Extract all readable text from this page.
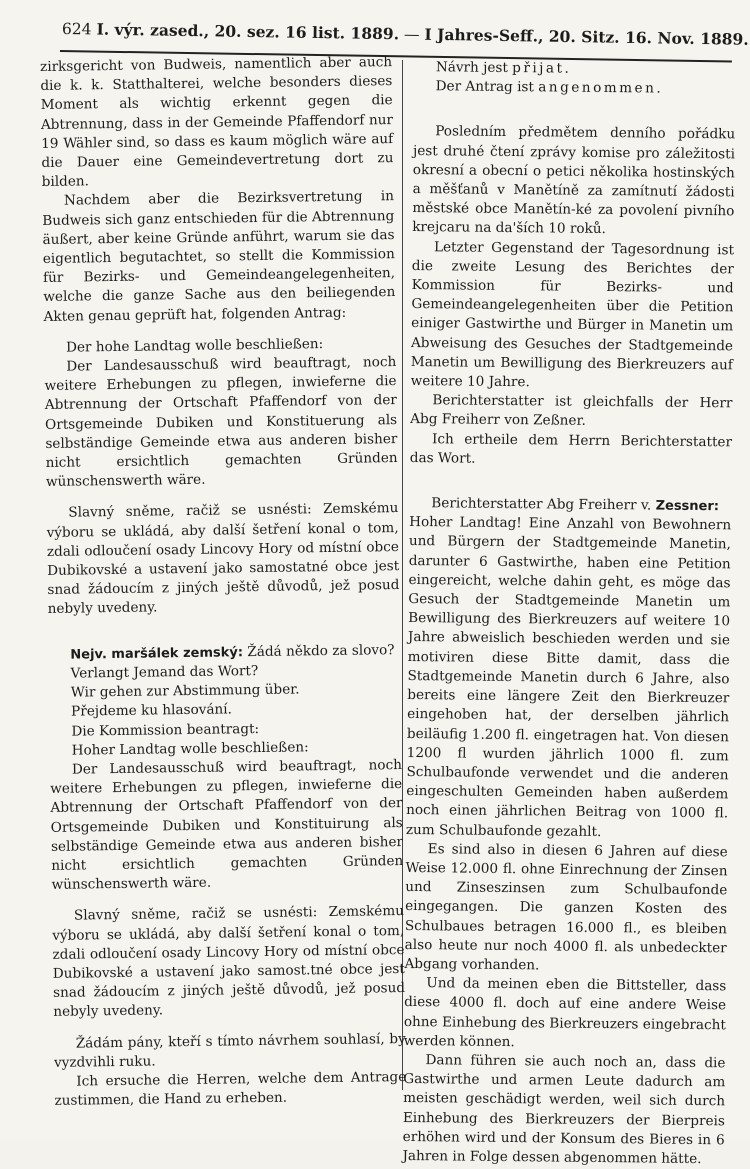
624 I. výr. zased., 20. sez. 16 list. 1889. — I Jahres-Seff., 20. Sitz. 16. Nov. 1889.

zirksgericht von Budweis, namentlich aber auch die k. k. Statthalterei, welche besonders dieses Moment als wichtig erkennt gegen die Abtrennung, dass in der Gemeinde Pfaffendorf nur 19 Wähler sind, so dass es kaum möglich wäre auf die Dauer eine Gemeindevertretung dort zu bilden.

Nachdem aber die Bezirksvertretung in Budweis sich ganz entschieden für die Abtrennung äußert, aber keine Gründe anführt, warum sie das eigentlich begutachtet, so stellt die Kommission für Bezirks- und Gemeindeangelegenheiten, welche die ganze Sache aus den beiliegenden Akten genau geprüft hat, folgenden Antrag:

Der hohe Landtag wolle beschließen:

Der Landesausschuß wird beauftragt, noch weitere Erhebungen zu pflegen, inwieferne die Abtrennung der Ortschaft Pfaffendorf von der Ortsgemeinde Dubiken und Konstituerung als selbständige Gemeinde etwa aus anderen bisher nicht ersichtlich gemachten Gründen wünschenswerth wäre.

Slavný sněme, račiž se usnésti: Zemskému výboru se ukládá, aby další šetření konal o tom, zdali odloučení osady Lincovy Hory od místní obce Dubikovské a ustavení jako samostatné obce jest snad žádoucím z jiných ještě důvodů, jež posud nebyly uvedeny.

Nejv. maršálek zemský: Žádá někdo za slovo?

Verlangt Jemand das Wort?

Wir gehen zur Abstimmung über.

Přejdeme ku hlasování.

Die Kommission beantragt:

Hoher Landtag wolle beschließen:

Der Landesausschuß wird beauftragt, noch weitere Erhebungen zu pflegen, inwieferne die Abtrennung der Ortschaft Pfaffendorf von der Ortsgemeinde Dubiken und Konstituirung als selbständige Gemeinde etwa aus anderen bisher nicht ersichtlich gemachten Gründen wünschenswerth wäre.

Slavný sněme, račiž se usnésti: Zemskému výboru se ukládá, aby další šetření konal o tom, zdali odloučení osady Lincovy Hory od místní obce Dubikovské a ustavení jako samost.tné obce jest snad žádoucím z jiných ještě důvodů, jež posud nebyly uvedeny.

Žádám pány, kteří s tímto návrhem souhlasí, by vyzdvihli ruku.

Ich ersuche die Herren, welche dem Antrage zustimmen, die Hand zu erheben.

Návrh jest přijat.

Der Antrag ist angenommen.

Posledním předmětem denního pořádku jest druhé čtení zprávy komise pro záležitosti okresní a obecní o petici několika hostinských a měšťanů v Manětíně za zamítnutí žádosti městské obce Manětín-ké za povolení pivního krejcaru na da'ších 10 roků.

Letzter Gegenstand der Tagesordnung ist die zweite Lesung des Berichtes der Kommission für Bezirks- und Gemeindeangelegenheiten über die Petition einiger Gastwirthe und Bürger in Manetin um Abweisung des Gesuches der Stadtgemeinde Manetin um Bewilligung des Bierkreuzers auf weitere 10 Jahre.

Berichterstatter ist gleichfalls der Herr Abg Freiherr von Zeßner.

Ich ertheile dem Herrn Berichterstatter das Wort.

Berichterstatter Abg Freiherr v. Zessner:

Hoher Landtag! Eine Anzahl von Bewohnern und Bürgern der Stadtgemeinde Manetin, darunter 6 Gastwirthe, haben eine Petition eingereicht, welche dahin geht, es möge das Gesuch der Stadtgemeinde Manetin um Bewilligung des Bierkreuzers auf weitere 10 Jahre abweislich beschieden werden und sie motiviren diese Bitte damit, dass die Stadtgemeinde Manetin durch 6 Jahre, also bereits eine längere Zeit den Bierkreuzer eingehoben hat, der derselben jährlich beiläufig 1.200 fl. eingetragen hat. Von diesen 1200 fl wurden jährlich 1000 fl. zum Schulbaufonde verwendet und die anderen eingeschulten Gemeinden haben außerdem noch einen jährlichen Beitrag von 1000 fl. zum Schulbaufonde gezahlt.

Es sind also in diesen 6 Jahren auf diese Weise 12.000 fl. ohne Einrechnung der Zinsen und Zinseszinsen zum Schulbaufonde eingegangen. Die ganzen Kosten des Schulbaues betragen 16.000 fl., es bleiben also heute nur noch 4000 fl. als unbedeckter Abgang vorhanden.

Und da meinen eben die Bittsteller, dass diese 4000 fl. doch auf eine andere Weise ohne Einhebung des Bierkreuzers eingebracht werden können.

Dann führen sie auch noch an, dass die Gastwirthe und armen Leute dadurch am meisten geschädigt werden, weil sich durch Einhebung des Bierkreuzers der Bierpreis erhöhen wird und der Konsum des Bieres in 6 Jahren in Folge dessen abgenommen hätte.
